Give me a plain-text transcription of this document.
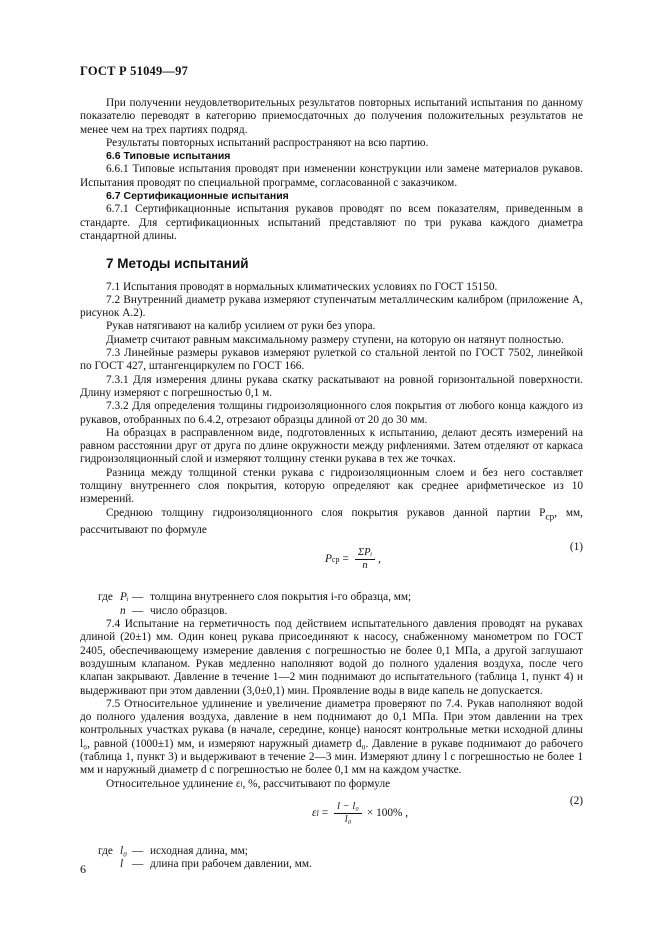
ГОСТ Р 51049—97

При получении неудовлетворительных результатов повторных испытаний испытания по данному показателю переводят в категорию приемосдаточных до получения положительных результатов не менее чем на трех партиях подряд.

Результаты повторных испытаний распространяют на всю партию.

6.6 Типовые испытания

6.6.1 Типовые испытания проводят при изменении конструкции или замене материалов рукавов. Испытания проводят по специальной программе, согласованной с заказчиком.

6.7 Сертификационные испытания

6.7.1 Сертификационные испытания рукавов проводят по всем показателям, приведенным в стандарте. Для сертификационных испытаний представляют по три рукава каждого диаметра стандартной длины.

7 Методы испытаний

7.1 Испытания проводят в нормальных климатических условиях по ГОСТ 15150.

7.2 Внутренний диаметр рукава измеряют ступенчатым металлическим калибром (приложение А, рисунок А.2).

Рукав натягивают на калибр усилием от руки без упора.

Диаметр считают равным максимальному размеру ступени, на которую он натянут полностью.

7.3 Линейные размеры рукавов измеряют рулеткой со стальной лентой по ГОСТ 7502, линейкой по ГОСТ 427, штангенциркулем по ГОСТ 166.

7.3.1 Для измерения длины рукава скатку раскатывают на ровной горизонтальной поверхности. Длину измеряют с погрешностью 0,1 м.

7.3.2 Для определения толщины гидроизоляционного слоя покрытия от любого конца каждого из рукавов, отобранных по 6.4.2, отрезают образцы длиной от 20 до 30 мм.

На образцах в расправленном виде, подготовленных к испытанию, делают десять измерений на равном расстоянии друг от друга по длине окружности между рифлениями. Затем отделяют от каркаса гидроизоляционный слой и измеряют толщину стенки рукава в тех же точках.

Разница между толщиной стенки рукава с гидроизоляционным слоем и без него составляет толщину внутреннего слоя покрытия, которую определяют как среднее арифметическое из 10 измерений.

Среднюю толщину гидроизоляционного слоя покрытия рукавов данной партии $P_{ср}$, мм, рассчитывают по формуле

P ср = $\frac{\text{ΣPᵢ}}{n}$ ,
(1)
где Pᵢ — толщина внутреннего слоя покрытия i-го образца, мм;
n — число образцов.

7.4 Испытание на герметичность под действием испытательного давления проводят на рукавах длиной (20±1) мм. Один конец рукава присоединяют к насосу, снабженному манометром по ГОСТ 2405, обеспечивающему измерение давления с погрешностью не более 0,1 МПа, а другой заглушают воздушным клапаном. Рукав медленно наполняют водой до полного удаления воздуха, после чего клапан закрывают. Давление в течение 1—2 мин поднимают до испытательного (таблица 1, пункт 4) и выдерживают при этом давлении (3,0±0,1) мин. Проявление воды в виде капель не допускается.

7.5 Относительное удлинение и увеличение диаметра проверяют по 7.4. Рукав наполняют водой до полного удаления воздуха, давление в нем поднимают до 0,1 МПа. При этом давлении на трех контрольных участках рукава (в начале, середине, конце) наносят контрольные метки исходной длины l₀, равной (1000±1) мм, и измеряют наружный диаметр d₀. Давление в рукаве поднимают до рабочего (таблица 1, пункт 3) и выдерживают в течение 2—3 мин. Измеряют длину l с погрешностью не более 1 мм и наружный диаметр d с погрешностью не более 0,1 мм на каждом участке.

Относительное удлинение εₗ, %, рассчитывают по формуле

ε $l = \frac{\text{l − l₀}}{\text{l₀}} \times 100\%$ ,
(2)
где l₀ — исходная длина, мм;
l — длина при рабочем давлении, мм.
6
